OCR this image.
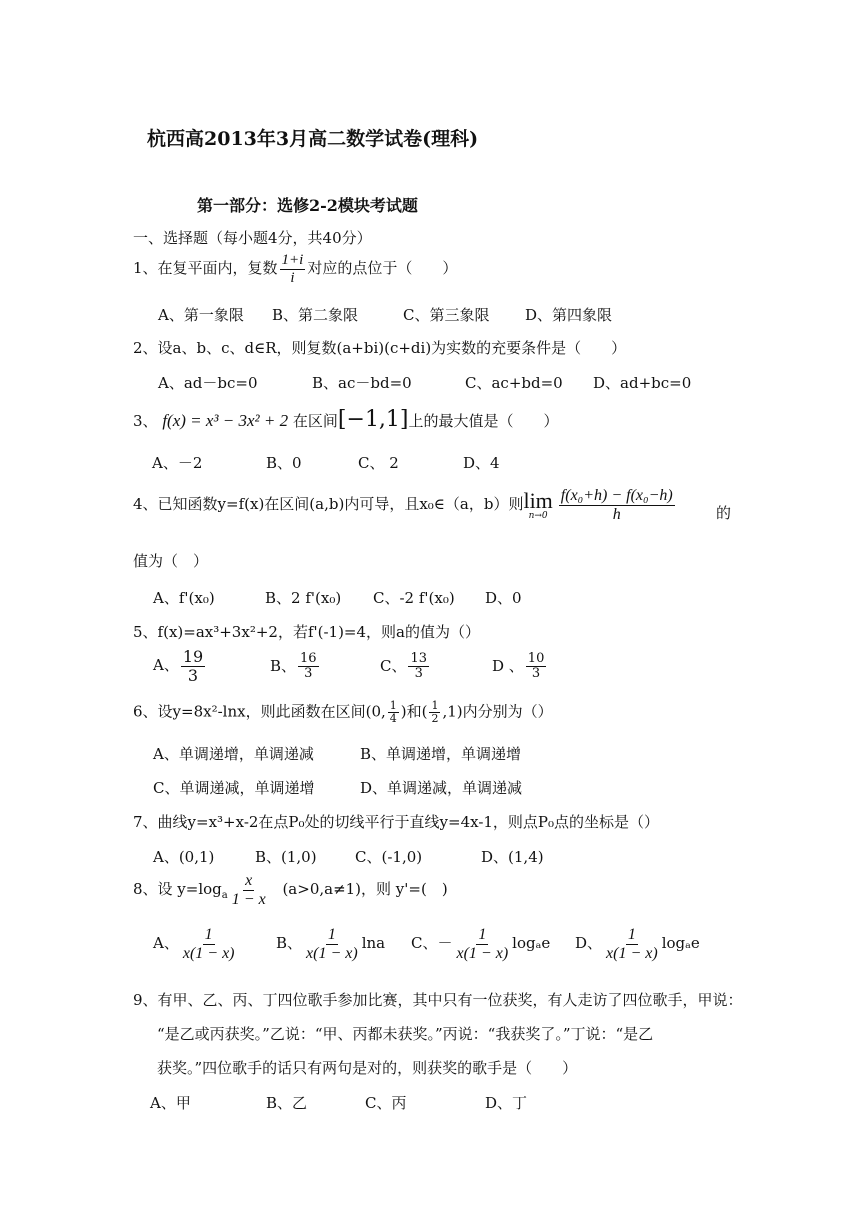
杭西高2013年3月高二数学试卷(理科)
第一部分：选修2-2模块考试题
一、选择题（每小题4分，共40分）
1、在复平面内，复数 $\frac{1+i}{i}$ 对应的点位于（　　）
A、第一象限 B、第二象限	C、第三象限 D、第四象限
2、设a、b、c、d∈R，则复数(a+bi)(c+di)为实数的充要条件是（　　）
A、ad－bc=0	B、ac－bd=0	C、ac+bd=0 D、ad+bc=0
3、 f(x) = x³ − 3x² + 2 在区间[−1,1]上的最大值是（　　）
A、－2	B、0	C、 2	D、4
4、已知函数y=f(x)在区间(a,b)内可导，且x₀∈（a，b）则 lim
$n\to 0 \frac{\text{f(x₀+h) − f(x₀−h)}}{h}$	的
值为（　）
A、f'(x₀)	B、2 f'(x₀) C、-2 f'(x₀) D、0
5、f(x)=ax³+3x²+2，若f'(-1)=4，则a的值为（）
A、 $\frac{19}{3}$	B、 $\frac{16}{3}$	C、 $\frac{13}{3}$	D 、 $\frac{10}{3}$
6、设y=8x²-lnx，则此函数在区间(0, $\frac{1}{4}$ )和( $\frac{1}{2} ,1$)内分别为（）
A、单调递增，单调递减	B、单调递增，单调递增
C、单调递减，单调递增	D、单调递减，单调递减
7、曲线y=x³+x-2在点P₀处的切线平行于直线y=4x-1，则点P₀点的坐标是（）
A、(0,1)	B、(1,0)	C、(-1,0)	D、(1,4)
8、设 $y=\log_a \frac{x}{1 - x} (a>0,a\ne 1)$，则 y'=(　)
A、 $\frac{1}{x(1 - x)}$	B、 $\frac{1}{x(1 - x)}$ lna C、－ $\frac{1}{x(1 - x)}$ logₐe D、 $\frac{1}{x(1 - x)}$ logₐe
9、有甲、乙、丙、丁四位歌手参加比赛，其中只有一位获奖，有人走访了四位歌手，甲说：
“是乙或丙获奖。”乙说：“甲、丙都未获奖。”丙说：“我获奖了。”丁说：“是乙
获奖。”四位歌手的话只有两句是对的，则获奖的歌手是（　　）
A、甲	B、乙	C、丙	D、丁
